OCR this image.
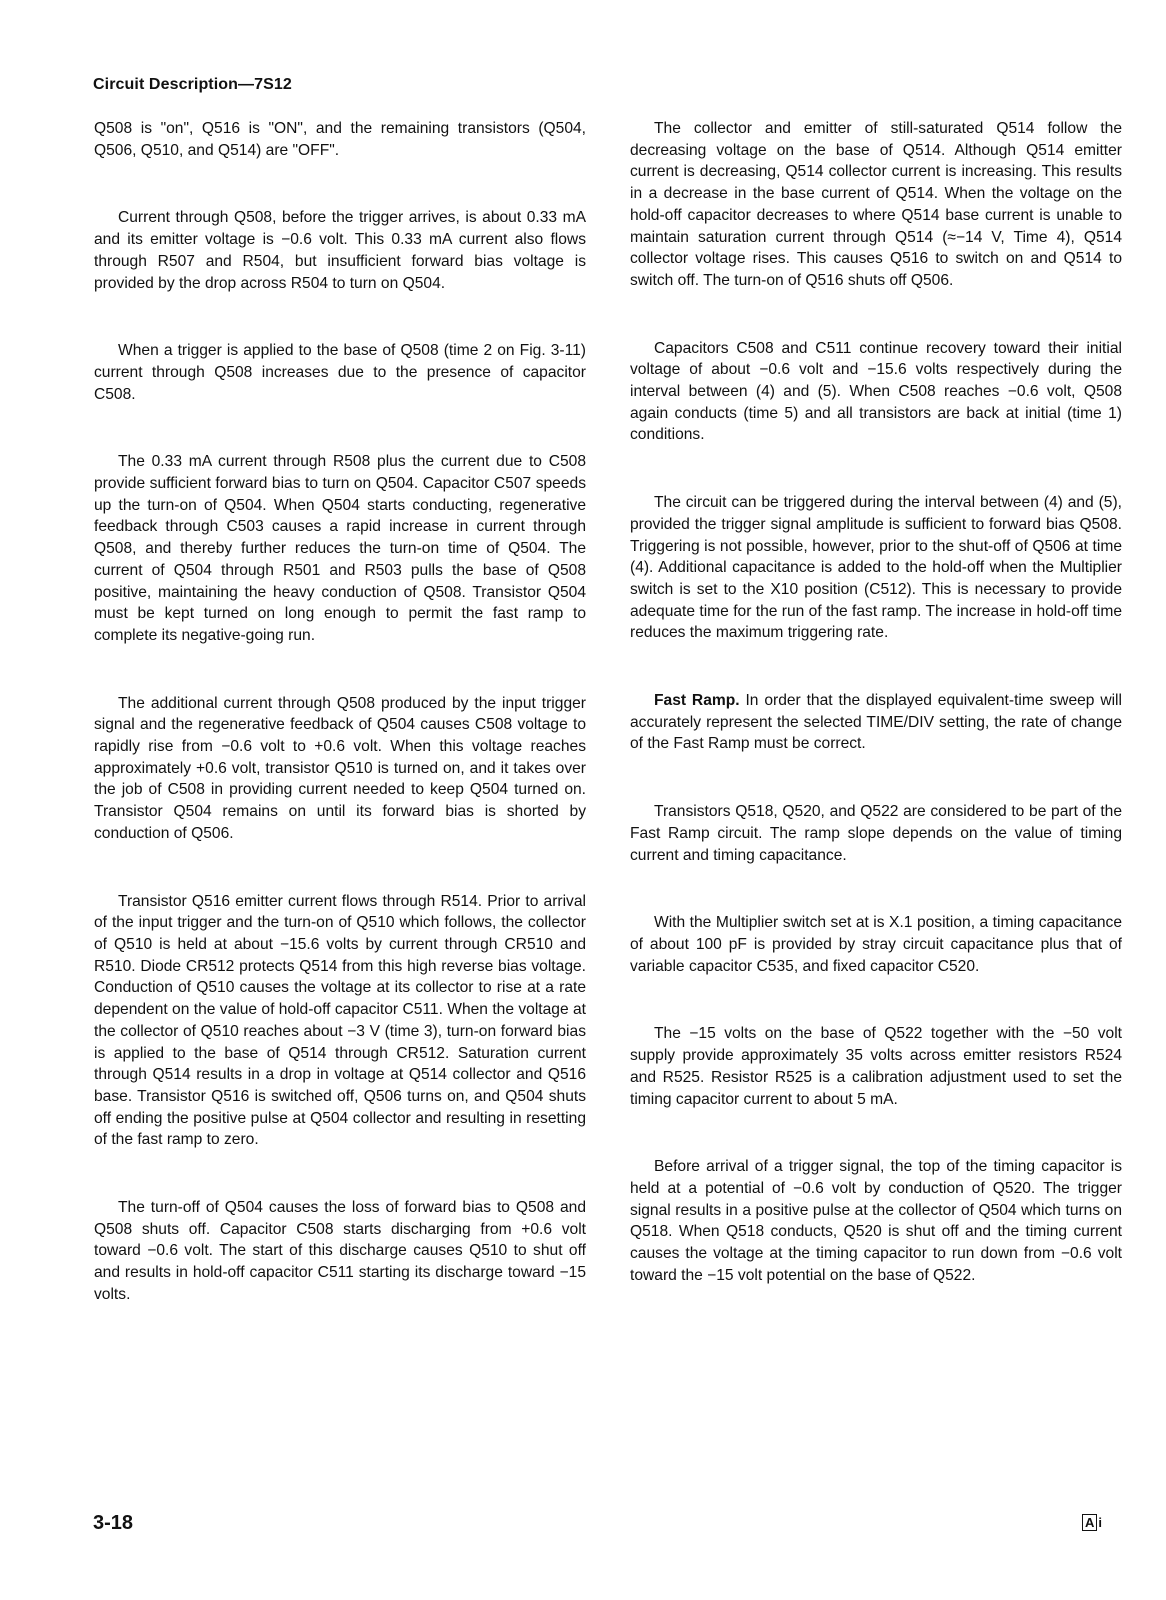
Circuit Description—7S12

Q508 is "on", Q516 is "ON", and the remaining transistors (Q504, Q506, Q510, and Q514) are "OFF".

Current through Q508, before the trigger arrives, is about 0.33 mA and its emitter voltage is −0.6 volt. This 0.33 mA current also flows through R507 and R504, but insufficient forward bias voltage is provided by the drop across R504 to turn on Q504.

When a trigger is applied to the base of Q508 (time 2 on Fig. 3-11) current through Q508 increases due to the presence of capacitor C508.

The 0.33 mA current through R508 plus the current due to C508 provide sufficient forward bias to turn on Q504. Capacitor C507 speeds up the turn-on of Q504. When Q504 starts conducting, regenerative feedback through C503 causes a rapid increase in current through Q508, and thereby further reduces the turn-on time of Q504. The current of Q504 through R501 and R503 pulls the base of Q508 positive, maintaining the heavy conduction of Q508. Transistor Q504 must be kept turned on long enough to permit the fast ramp to complete its negative-going run.

The additional current through Q508 produced by the input trigger signal and the regenerative feedback of Q504 causes C508 voltage to rapidly rise from −0.6 volt to +0.6 volt. When this voltage reaches approximately +0.6 volt, transistor Q510 is turned on, and it takes over the job of C508 in providing current needed to keep Q504 turned on. Transistor Q504 remains on until its forward bias is shorted by conduction of Q506.

Transistor Q516 emitter current flows through R514. Prior to arrival of the input trigger and the turn-on of Q510 which follows, the collector of Q510 is held at about −15.6 volts by current through CR510 and R510. Diode CR512 protects Q514 from this high reverse bias voltage. Conduction of Q510 causes the voltage at its collector to rise at a rate dependent on the value of hold-off capacitor C511. When the voltage at the collector of Q510 reaches about −3 V (time 3), turn-on forward bias is applied to the base of Q514 through CR512. Saturation current through Q514 results in a drop in voltage at Q514 collector and Q516 base. Transistor Q516 is switched off, Q506 turns on, and Q504 shuts off ending the positive pulse at Q504 collector and resulting in resetting of the fast ramp to zero.

The turn-off of Q504 causes the loss of forward bias to Q508 and Q508 shuts off. Capacitor C508 starts discharging from +0.6 volt toward −0.6 volt. The start of this discharge causes Q510 to shut off and results in hold-off capacitor C511 starting its discharge toward −15 volts.

The collector and emitter of still-saturated Q514 follow the decreasing voltage on the base of Q514. Although Q514 emitter current is decreasing, Q514 collector current is increasing. This results in a decrease in the base current of Q514. When the voltage on the hold-off capacitor decreases to where Q514 base current is unable to maintain saturation current through Q514 (≈−14 V, Time 4), Q514 collector voltage rises. This causes Q516 to switch on and Q514 to switch off. The turn-on of Q516 shuts off Q506.

Capacitors C508 and C511 continue recovery toward their initial voltage of about −0.6 volt and −15.6 volts respectively during the interval between (4) and (5). When C508 reaches −0.6 volt, Q508 again conducts (time 5) and all transistors are back at initial (time 1) conditions.

The circuit can be triggered during the interval between (4) and (5), provided the trigger signal amplitude is sufficient to forward bias Q508. Triggering is not possible, however, prior to the shut-off of Q506 at time (4). Additional capacitance is added to the hold-off when the Multiplier switch is set to the X10 position (C512). This is necessary to provide adequate time for the run of the fast ramp. The increase in hold-off time reduces the maximum triggering rate.

Fast Ramp. In order that the displayed equivalent-time sweep will accurately represent the selected TIME/DIV setting, the rate of change of the Fast Ramp must be correct.

Transistors Q518, Q520, and Q522 are considered to be part of the Fast Ramp circuit. The ramp slope depends on the value of timing current and timing capacitance.

With the Multiplier switch set at is X.1 position, a timing capacitance of about 100 pF is provided by stray circuit capacitance plus that of variable capacitor C535, and fixed capacitor C520.

The −15 volts on the base of Q522 together with the −50 volt supply provide approximately 35 volts across emitter resistors R524 and R525. Resistor R525 is a calibration adjustment used to set the timing capacitor current to about 5 mA.

Before arrival of a trigger signal, the top of the timing capacitor is held at a potential of −0.6 volt by conduction of Q520. The trigger signal results in a positive pulse at the collector of Q504 which turns on Q518. When Q518 conducts, Q520 is shut off and the timing current causes the voltage at the timing capacitor to run down from −0.6 volt toward the −15 volt potential on the base of Q522.

3-18	A i
